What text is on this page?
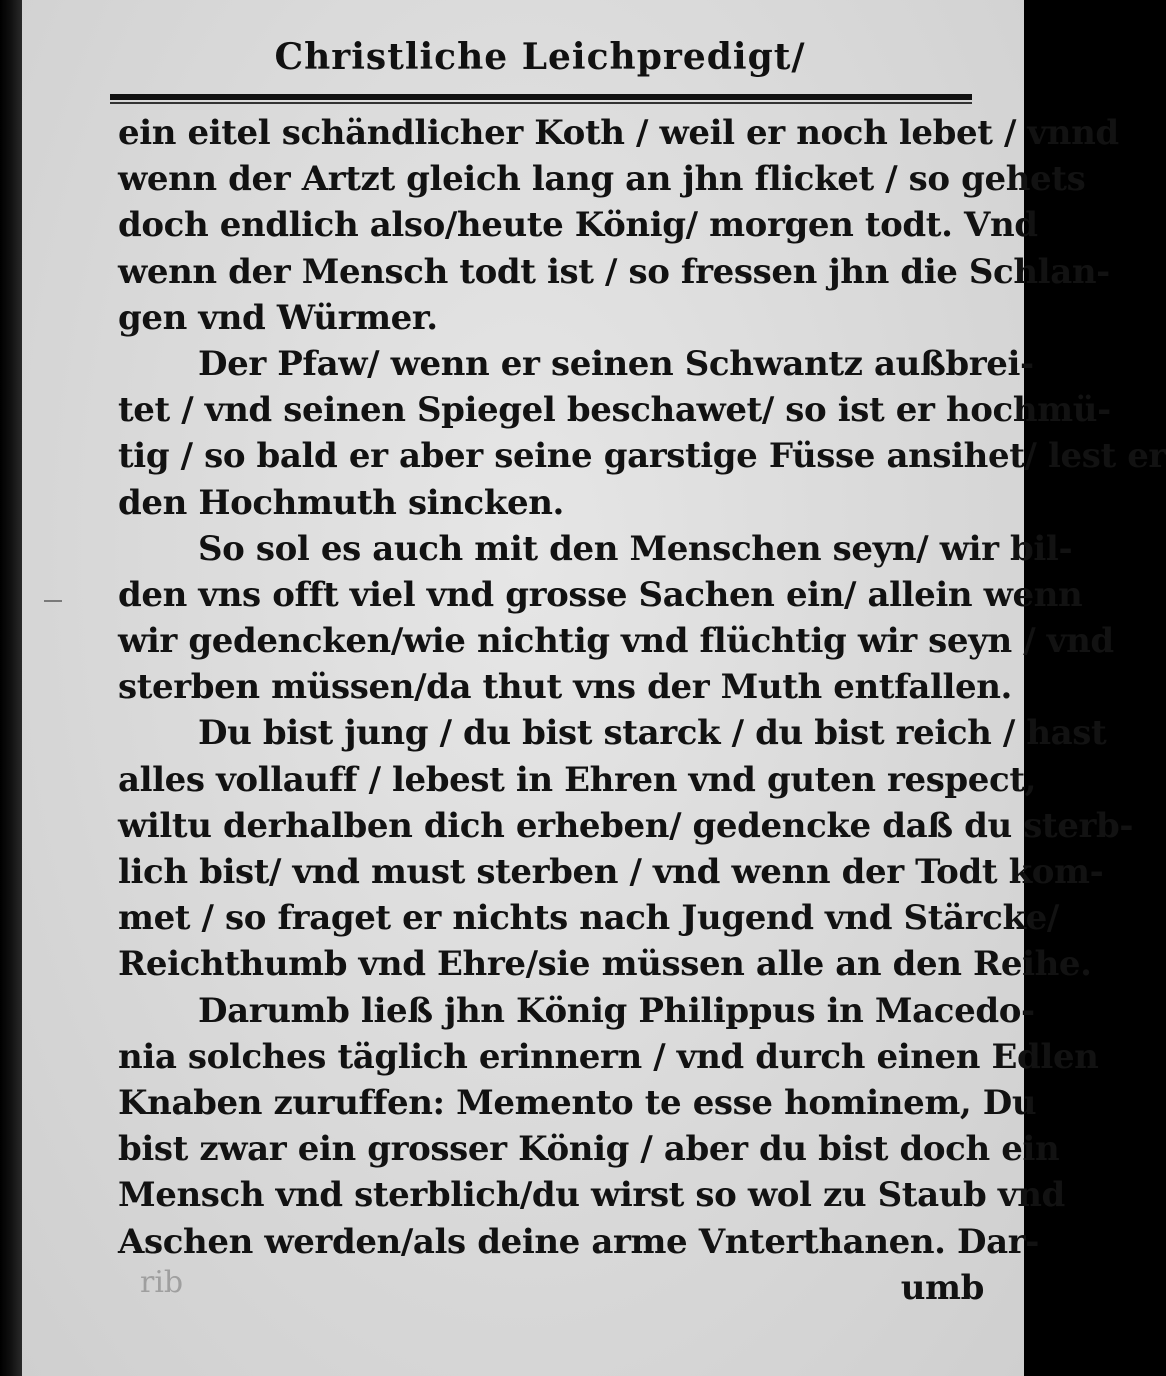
Christliche Leichpredigt/
ein eitel schändlicher Koth / weil er noch lebet / vnnd
wenn der Artzt gleich lang an jhn flicket / so gehets
doch endlich also/heute König/ morgen todt. Vnd
wenn der Mensch todt ist / so fressen jhn die Schlan-
gen vnd Würmer.
Der Pfaw/ wenn er seinen Schwantz außbrei-
tet / vnd seinen Spiegel beschawet/ so ist er hochmü-
tig / so bald er aber seine garstige Füsse ansihet/ lest er
den Hochmuth sincken.
So sol es auch mit den Menschen seyn/ wir bil-
den vns offt viel vnd grosse Sachen ein/ allein wenn
wir gedencken/wie nichtig vnd flüchtig wir seyn / vnd
sterben müssen/da thut vns der Muth entfallen.
Du bist jung / du bist starck / du bist reich / hast
alles vollauff / lebest in Ehren vnd guten respect,
wiltu derhalben dich erheben/ gedencke daß du sterb-
lich bist/ vnd must sterben / vnd wenn der Todt kom-
met / so fraget er nichts nach Jugend vnd Stärcke/
Reichthumb vnd Ehre/sie müssen alle an den Reihe.
Darumb ließ jhn König Philippus in Macedo-
nia solches täglich erinnern / vnd durch einen Edlen
Knaben zuruffen: Memento te esse hominem, Du
bist zwar ein grosser König / aber du bist doch ein
Mensch vnd sterblich/du wirst so wol zu Staub vnd
Aschen werden/als deine arme Vnterthanen. Dar-
umb
rib
